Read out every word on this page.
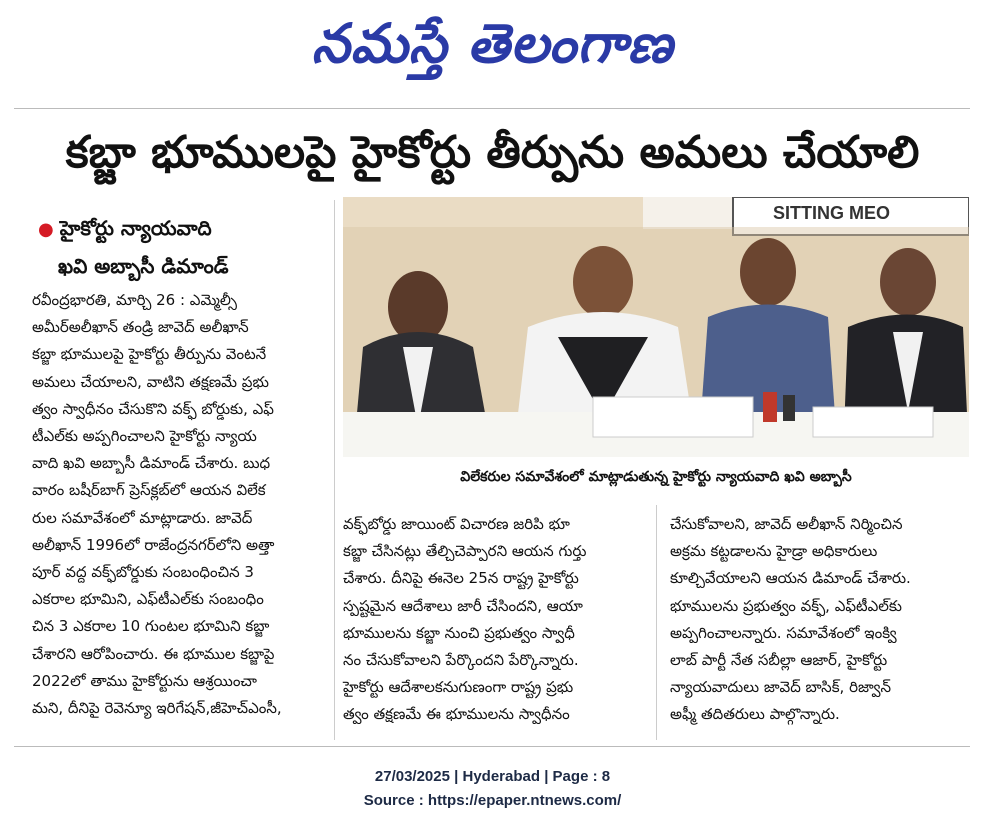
నమస్తే తెలంగాణ
కబ్జా భూములపై హైకోర్టు తీర్పును అమలు చేయాలి
● హైకోర్టు న్యాయవాది
ఖవి అబ్బాసీ డిమాండ్

రవీంద్రభారతి, మార్చి 26 : ఎమ్మెల్సీ

అమీర్‌అలీఖాన్ తండ్రి జావెద్ అలీఖాన్

కబ్జా భూములపై హైకోర్టు తీర్పును వెంటనే

అమలు చేయాలని, వాటిని తక్షణమే ప్రభు

త్వం స్వాధీనం చేసుకొని వక్ఫ్ బోర్డుకు, ఎఫ్

టీఎల్‌కు అప్పగించాలని హైకోర్టు న్యాయ

వాది ఖవి అబ్బాసీ డిమాండ్ చేశారు. బుధ

వారం బషీర్‌బాగ్ ప్రెస్‌క్లబ్‌లో ఆయన విలేక

రుల సమావేశంలో మాట్లాడారు. జావెద్

అలీఖాన్ 1996లో రాజేంద్రనగర్‌లోని అత్తా

పూర్ వద్ద వక్ఫ్‌బోర్డుకు సంబంధించిన 3

ఎకరాల భూమిని, ఎఫ్‌టీఎల్‌కు సంబంధిం

చిన 3 ఎకరాల 10 గుంటల భూమిని కబ్జా

చేశారని ఆరోపించారు. ఈ భూముల కబ్జాపై

2022లో తాము హైకోర్టును ఆశ్రయించా

మని, దీనిపై రెవెన్యూ ఇరిగేషన్,జీహెచ్ఎంసీ,

SITTING MEO
విలేకరుల సమావేశంలో మాట్లాడుతున్న హైకోర్టు న్యాయవాది ఖవి అబ్బాసీ

వక్ఫ్‌బోర్డు జాయింట్ విచారణ జరిపి భూ

కబ్జా చేసినట్లు తేల్చిచెప్పారని ఆయన గుర్తు

చేశారు. దీనిపై ఈనెల 25న రాష్ట్ర హైకోర్టు

స్పష్టమైన ఆదేశాలు జారీ చేసిందని, ఆయా

భూములను కబ్జా నుంచి ప్రభుత్వం స్వాధీ

నం చేసుకోవాలని పేర్కొందని పేర్కొన్నారు.

హైకోర్టు ఆదేశాలకనుగుణంగా రాష్ట్ర ప్రభు

త్వం తక్షణమే ఈ భూములను స్వాధీనం

చేసుకోవాలని, జావెద్ అలీఖాన్ నిర్మించిన

అక్రమ కట్టడాలను హైడ్రా అధికారులు

కూల్చివేయాలని ఆయన డిమాండ్ చేశారు.

భూములను ప్రభుత్వం వక్ఫ్, ఎఫ్‌టీఎల్‌కు

అప్పగించాలన్నారు. సమావేశంలో ఇంక్వి

లాబ్ పార్టీ నేత సబీల్లా ఆజార్, హైకోర్టు

న్యాయవాదులు జావెద్ బాసిక్, రిజ్వాన్

అఫ్మీ తదితరులు పాల్గొన్నారు.

27/03/2025 | Hyderabad | Page : 8
Source : https://epaper.ntnews.com/
